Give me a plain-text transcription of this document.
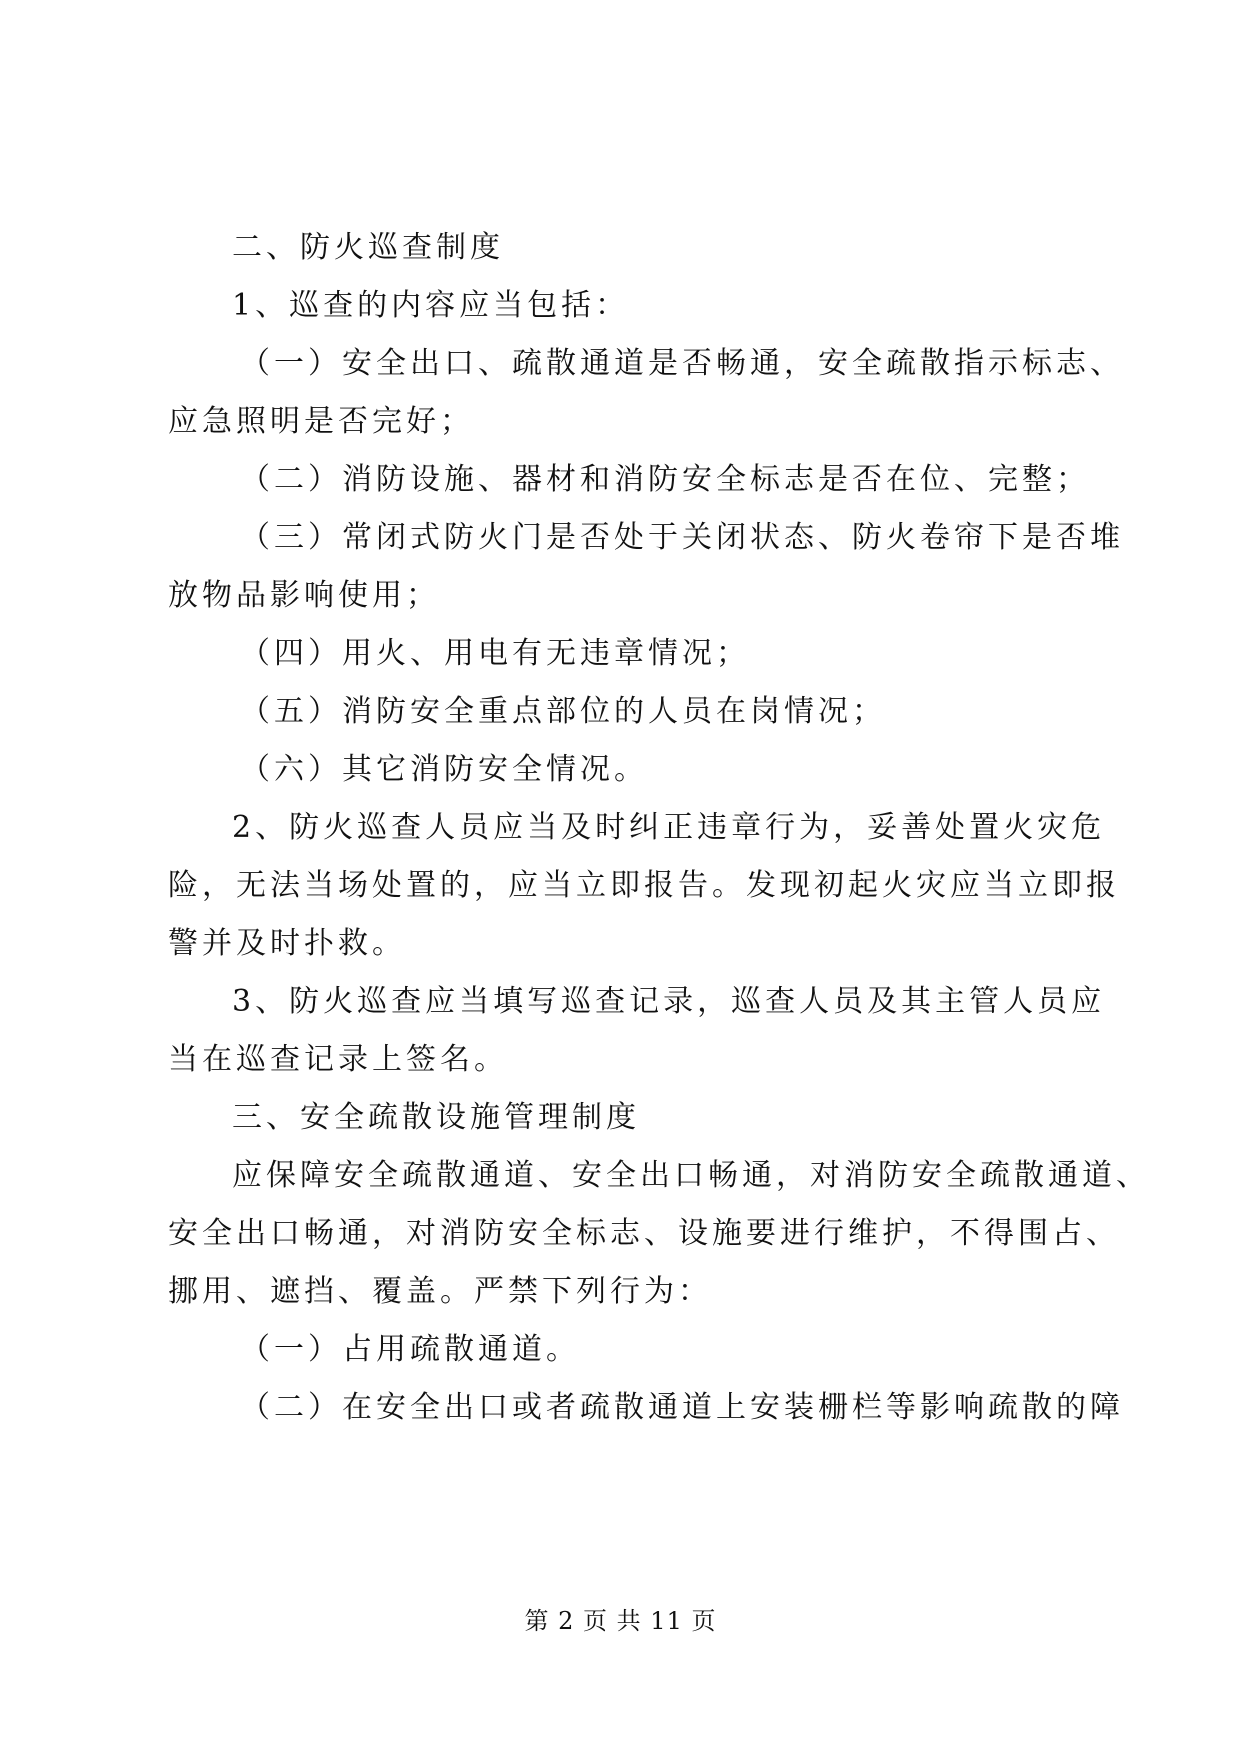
二、防火巡查制度
1、巡查的内容应当包括：
（一）安全出口、疏散通道是否畅通，安全疏散指示标志、
应急照明是否完好；
（二）消防设施、器材和消防安全标志是否在位、完整；
（三）常闭式防火门是否处于关闭状态、防火卷帘下是否堆
放物品影响使用；
（四）用火、用电有无违章情况；
（五）消防安全重点部位的人员在岗情况；
（六）其它消防安全情况。
2、防火巡查人员应当及时纠正违章行为，妥善处置火灾危
险，无法当场处置的，应当立即报告。发现初起火灾应当立即报
警并及时扑救。
3、防火巡查应当填写巡查记录，巡查人员及其主管人员应
当在巡查记录上签名。
三、安全疏散设施管理制度
应保障安全疏散通道、安全出口畅通，对消防安全疏散通道、
安全出口畅通，对消防安全标志、设施要进行维护，不得围占、
挪用、遮挡、覆盖。严禁下列行为：
（一）占用疏散通道。
（二）在安全出口或者疏散通道上安装栅栏等影响疏散的障
第 2 页 共 11 页
